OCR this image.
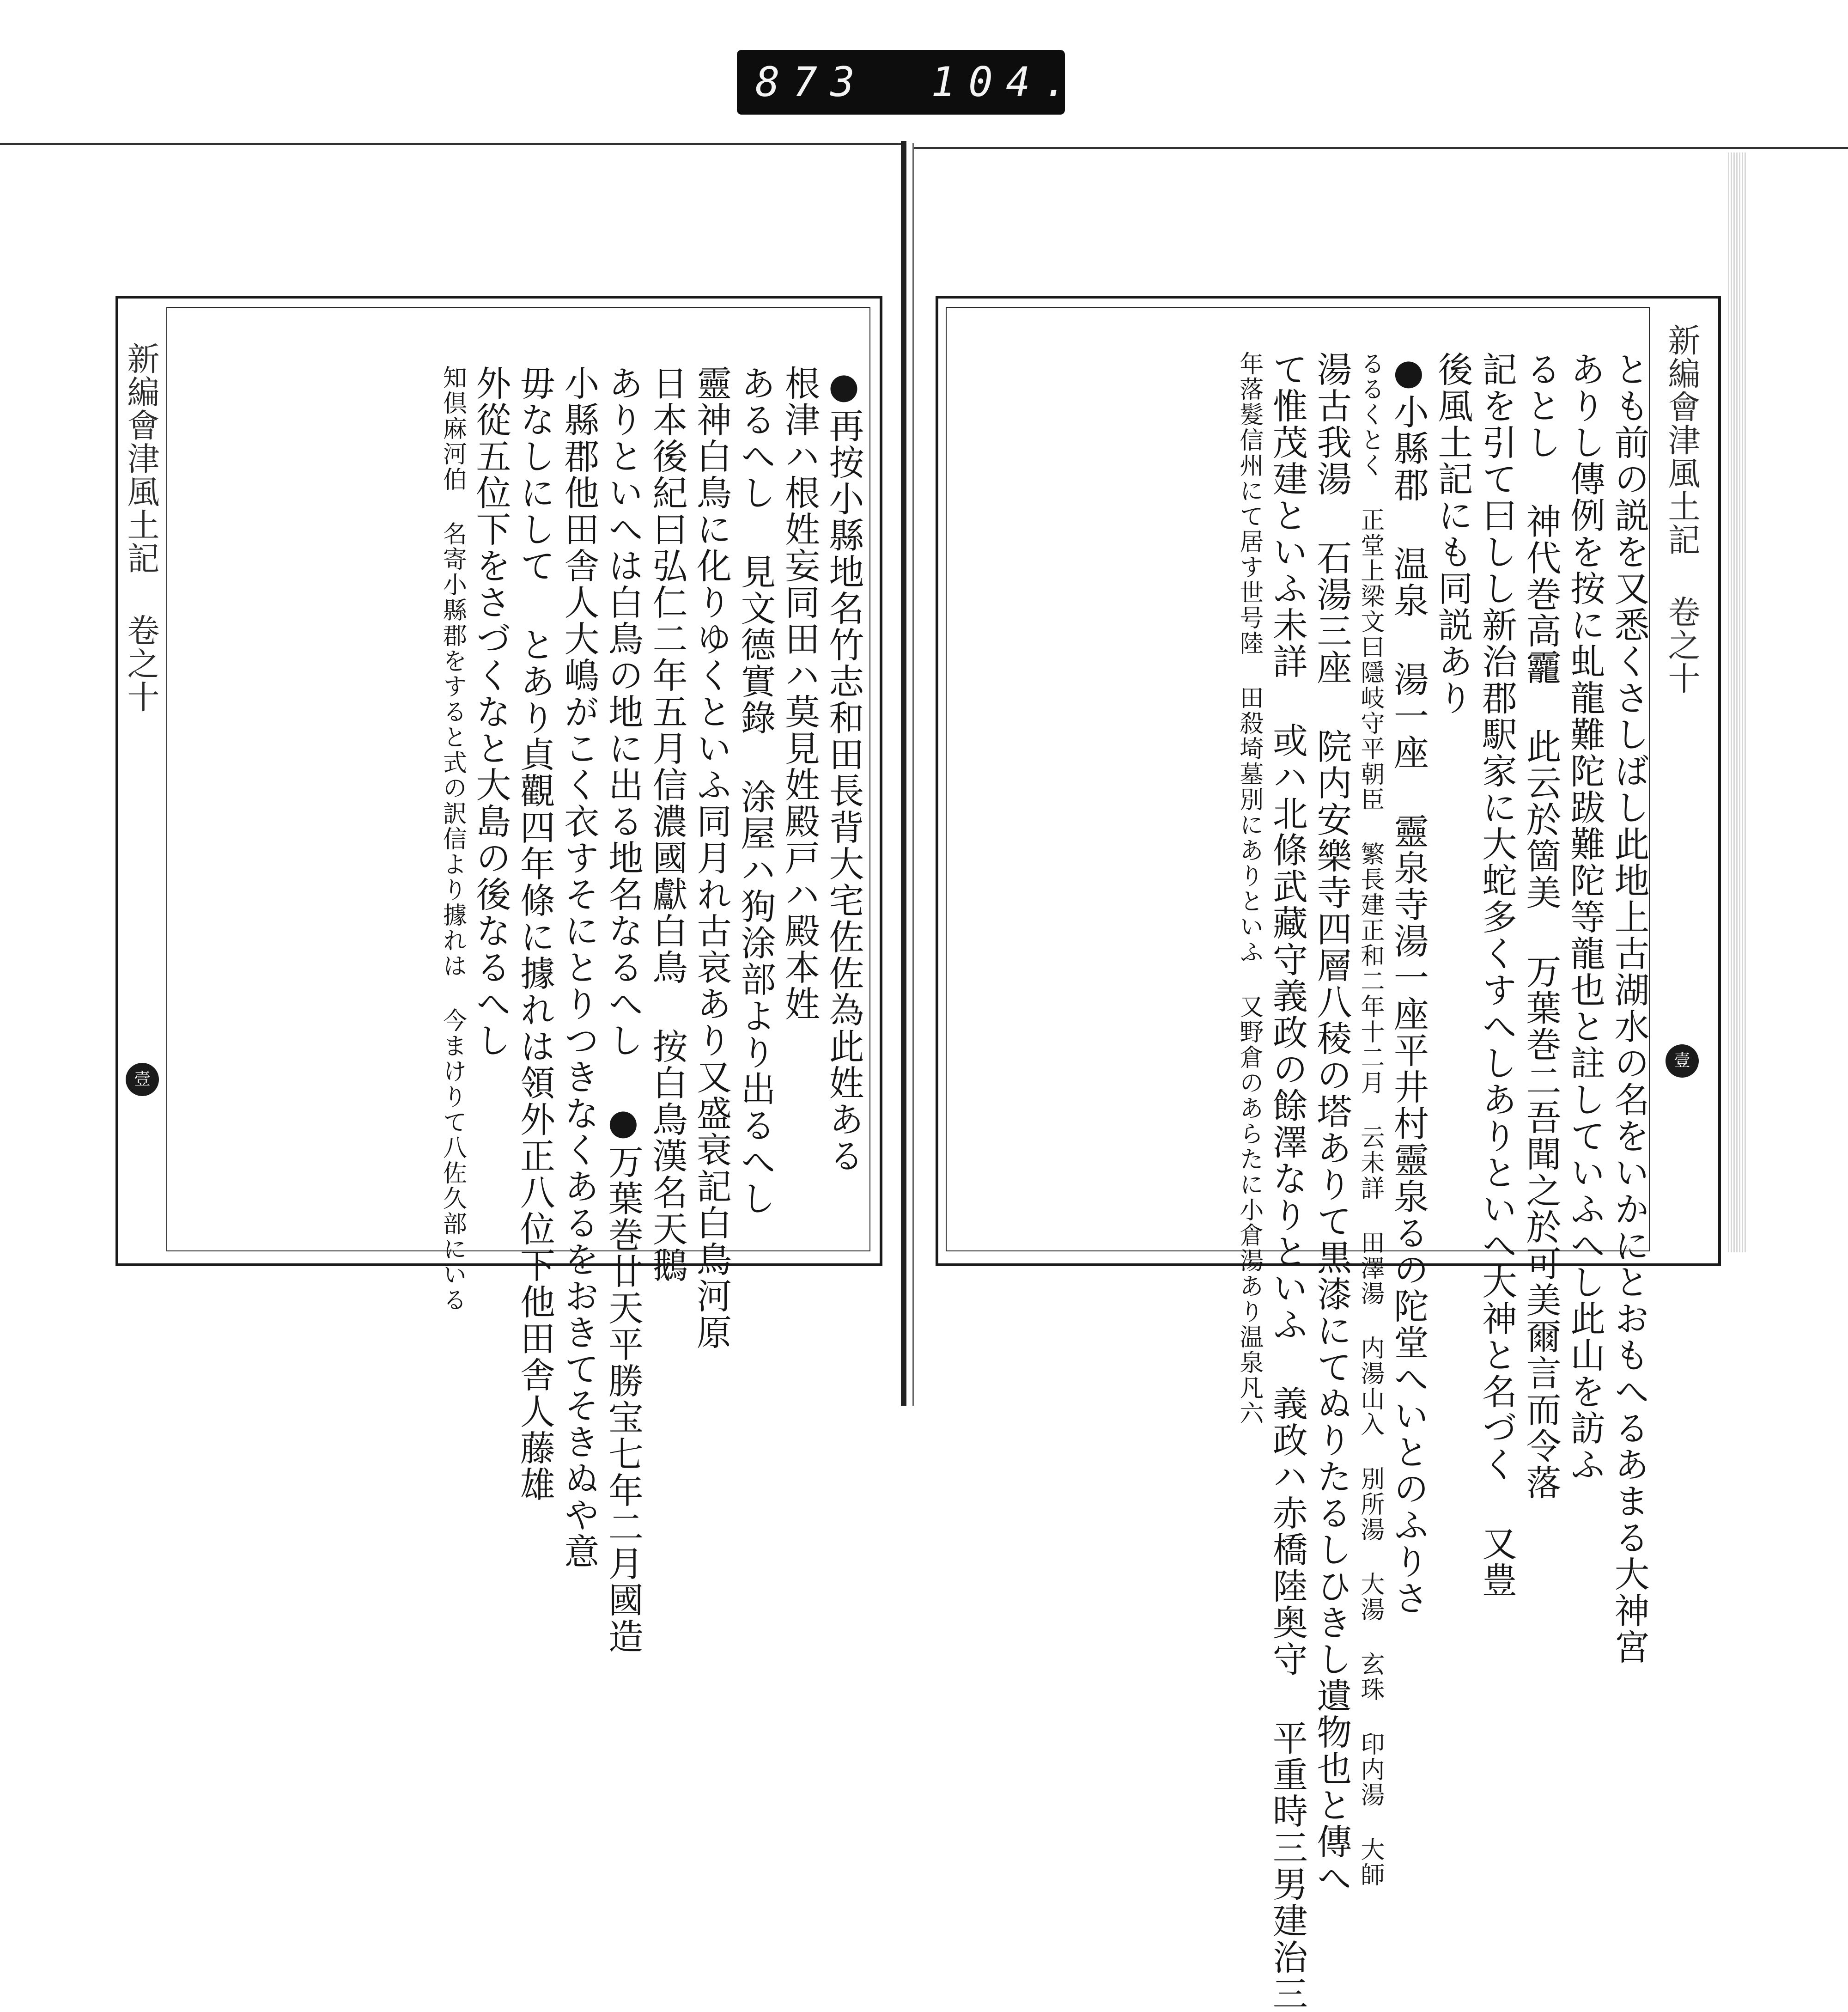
873 104.
新編會津風土記 卷之十
壹	●再按小縣地名竹志和田長背大宅佐佐為此姓ある
根津ハ根姓妄同田ハ莫見姓殿戸ハ殿本姓
あるへし 見文德實錄 涂屋ハ狗涂部より出るへし
靈神白鳥に化りゆくといふ同月れ古哀あり又盛衰記白鳥河原
日本後紀曰弘仁二年五月信濃國獻白鳥 按白鳥漢名天鵝
ありといへは白鳥の地に出る地名なるへし ●万葉巻廿天平勝宝七年二月國造
小縣郡他田舎人大嶋がこく衣すそにとりつきなくあるをおきてそきぬや意
毋なしにして とあり貞觀四年條に據れは領外正八位下他田舎人藤雄
外從五位下をさづくなと大島の後なるへし
知倶麻河伯 名寄小縣郡をすると式の訳信より據れは 今まけりて八佐久部にいる	新編會津風土記 卷之十
壹
とも前の説を又悉くさしばし此地上古湖水の名をいかにとおもへるあまる大神宮
ありし傳例を按に虬龍難陀跋難陀等龍也と註していふへし此山を訪ふ
るとし 神代巻高龗 此云於箇美 万葉巻二吾聞之於可美爾言而令落
記を引て曰しし新治郡駅家に大蛇多くすへしありといへ大神と名づく 又豊
後風土記にも同説あり
●小縣郡 温泉 湯一座 靈泉寺湯一座平井村靈泉るの陀堂へいとのふりさ
るるくとく 正堂上梁文曰隱岐守平朝臣 繁長建正和二年十二月 云未詳 田澤湯 内湯山入 別所湯 大湯 玄珠 印内湯 大師
湯古我湯 石湯三座 院内安樂寺四層八稜の塔ありて黒漆にてぬりたるしひきし遺物也と傳へ
て惟茂建といふ未詳 或ハ北條武藏守義政の餘澤なりといふ 義政ハ赤橋陸奥守 平重時三男建治三
年落髮信州にて居す世号陸 田殺埼墓別にありといふ 又野倉のあらたに小倉湯あり温泉凡六
